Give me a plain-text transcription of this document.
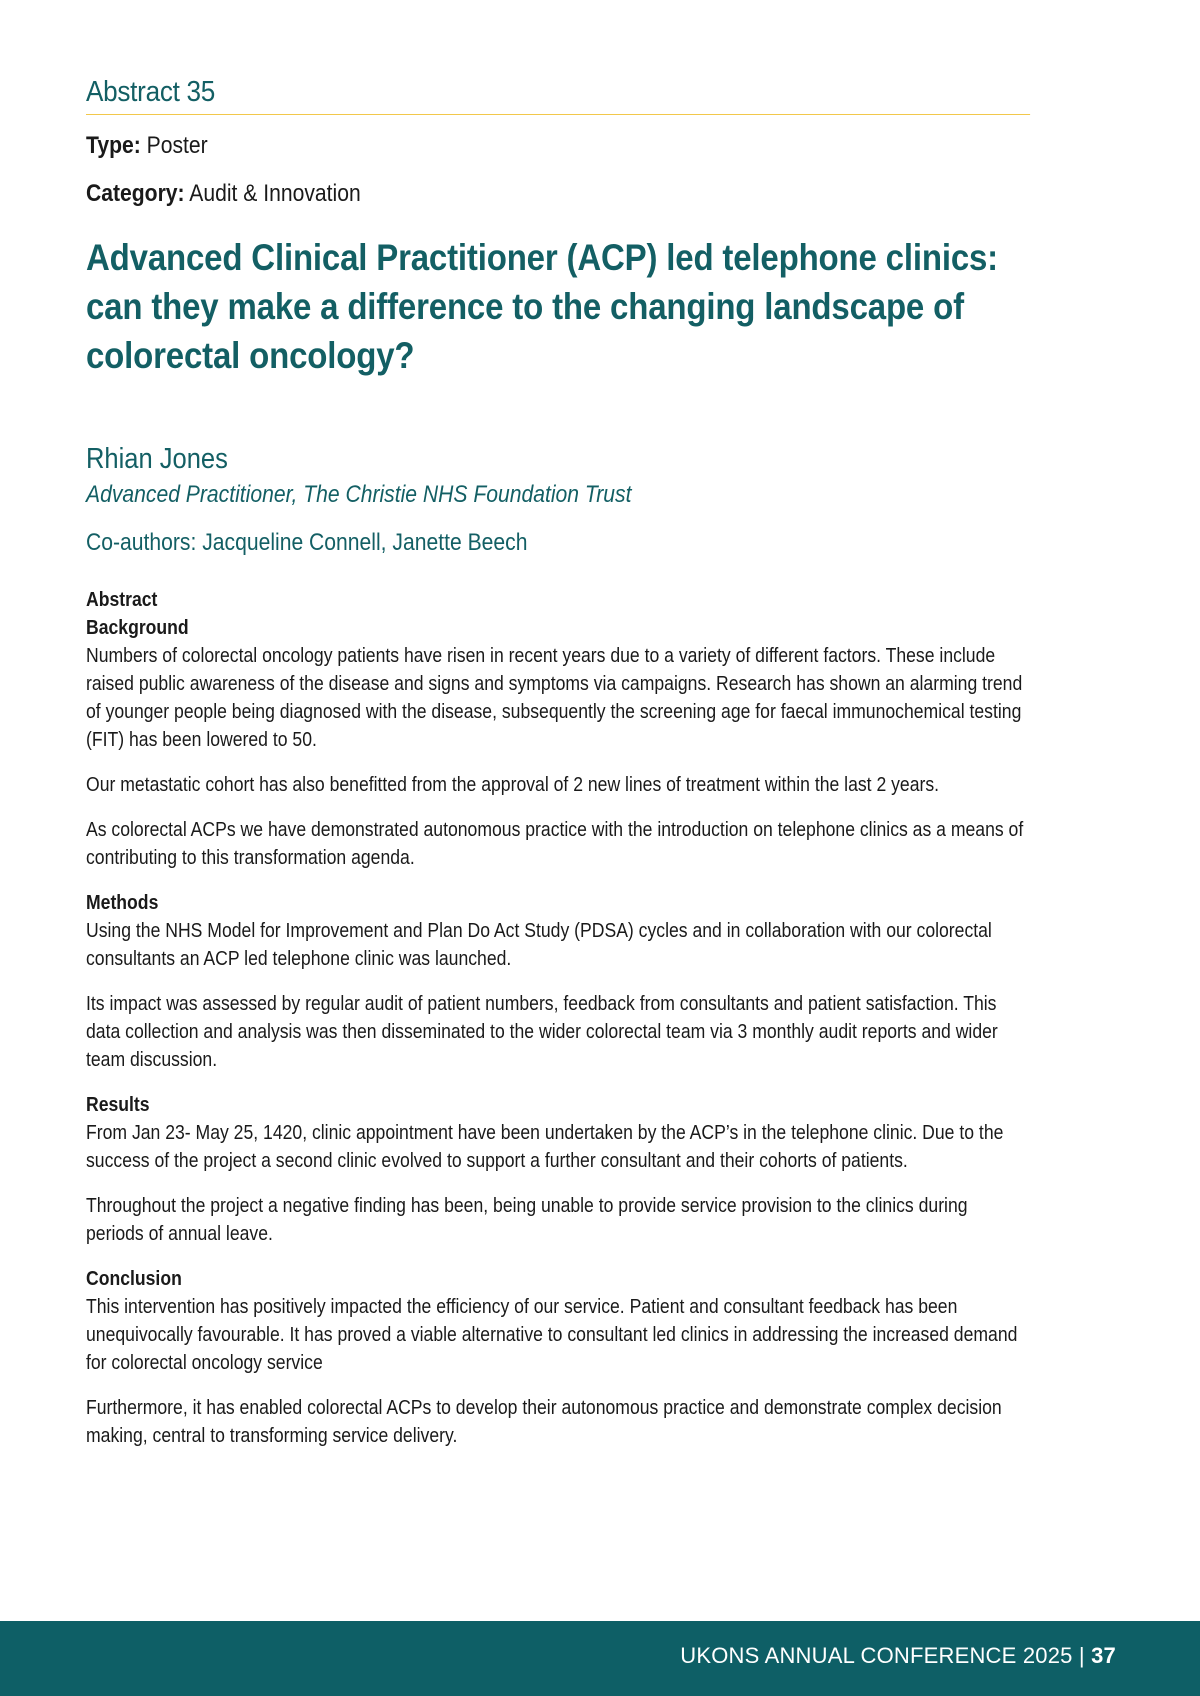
Abstract 35
Type: Poster
Category: Audit & Innovation
Advanced Clinical Practitioner (ACP) led telephone clinics: can they make a difference to the changing landscape of colorectal oncology?
Rhian Jones
Advanced Practitioner, The Christie NHS Foundation Trust
Co-authors: Jacqueline Connell, Janette Beech
Abstract
Background

Numbers of colorectal oncology patients have risen in recent years due to a variety of different factors. These include raised public awareness of the disease and signs and symptoms via campaigns. Research has shown an alarming trend of younger people being diagnosed with the disease, subsequently the screening age for faecal immunochemical testing (FIT) has been lowered to 50.

Our metastatic cohort has also benefitted from the approval of 2 new lines of treatment within the last 2 years.

As colorectal ACPs we have demonstrated autonomous practice with the introduction on telephone clinics as a means of contributing to this transformation agenda.

Methods

Using the NHS Model for Improvement and Plan Do Act Study (PDSA) cycles and in collaboration with our colorectal consultants an ACP led telephone clinic was launched.

Its impact was assessed by regular audit of patient numbers, feedback from consultants and patient satisfaction. This data collection and analysis was then disseminated to the wider colorectal team via 3 monthly audit reports and wider team discussion.

Results

From Jan 23- May 25, 1420, clinic appointment have been undertaken by the ACP’s in the telephone clinic. Due to the success of the project a second clinic evolved to support a further consultant and their cohorts of patients.

Throughout the project a negative finding has been, being unable to provide service provision to the clinics during periods of annual leave.

Conclusion

This intervention has positively impacted the efficiency of our service. Patient and consultant feedback has been unequivocally favourable. It has proved a viable alternative to consultant led clinics in addressing the increased demand for colorectal oncology service

Furthermore, it has enabled colorectal ACPs to develop their autonomous practice and demonstrate complex decision making, central to transforming service delivery.

UKONS ANNUAL CONFERENCE 2025 | 37
